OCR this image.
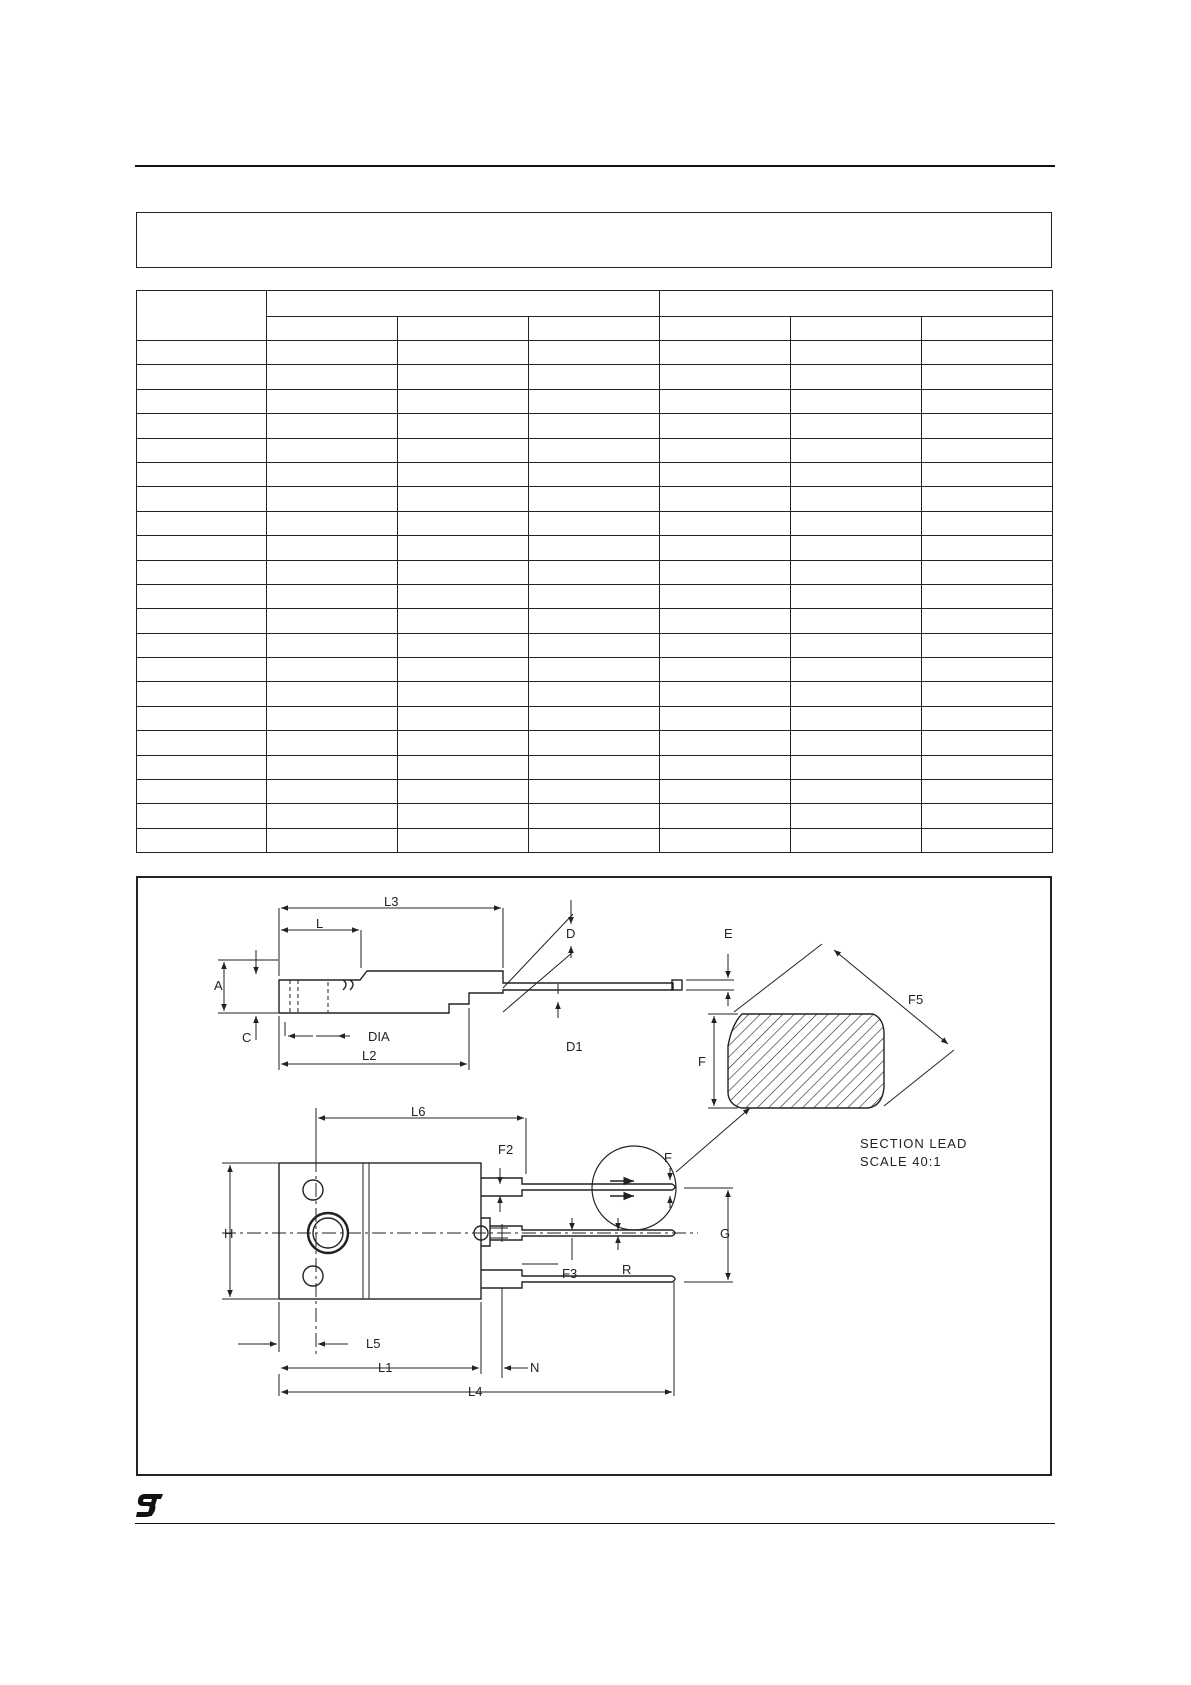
L3
L
D	E
A
C	DIA
D1
L2
F5
F
L6
F2
F
H	G
F3	R
L5
L1	N
L4
SECTION LEAD
SCALE 40:1
ST
